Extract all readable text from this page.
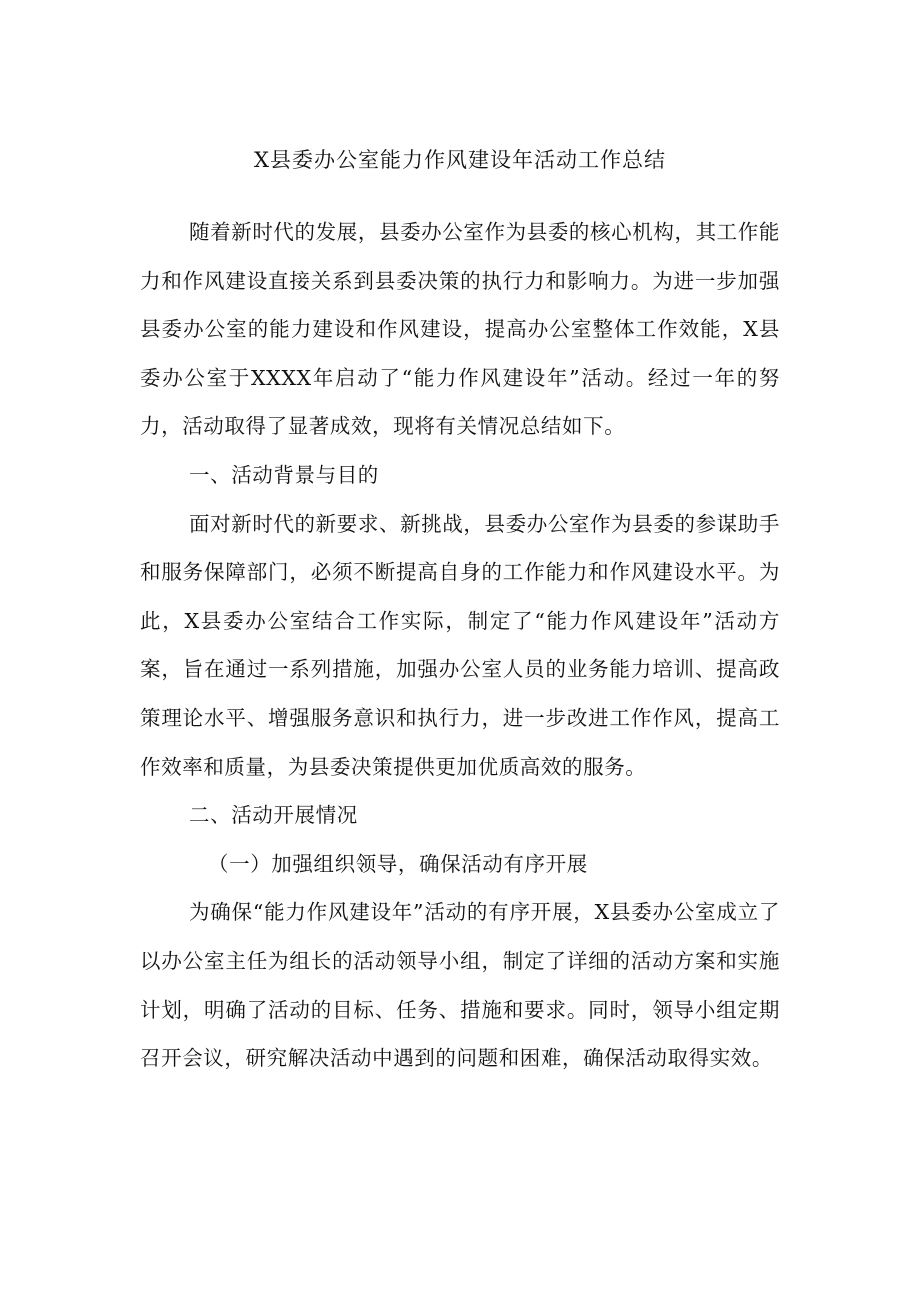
X县委办公室能力作风建设年活动工作总结

随着新时代的发展，县委办公室作为县委的核心机构，其工作能力和作风建设直接关系到县委决策的执行力和影响力。为进一步加强县委办公室的能力建设和作风建设，提高办公室整体工作效能，X县委办公室于XXXX年启动了“能力作风建设年”活动。经过一年的努力，活动取得了显著成效，现将有关情况总结如下。

一、活动背景与目的

面对新时代的新要求、新挑战，县委办公室作为县委的参谋助手和服务保障部门，必须不断提高自身的工作能力和作风建设水平。为此，X县委办公室结合工作实际，制定了“能力作风建设年”活动方案，旨在通过一系列措施，加强办公室人员的业务能力培训、提高政策理论水平、增强服务意识和执行力，进一步改进工作作风，提高工作效率和质量，为县委决策提供更加优质高效的服务。

二、活动开展情况

（一）加强组织领导，确保活动有序开展

为确保“能力作风建设年”活动的有序开展，X县委办公室成立了以办公室主任为组长的活动领导小组，制定了详细的活动方案和实施计划，明确了活动的目标、任务、措施和要求。同时，领导小组定期召开会议，研究解决活动中遇到的问题和困难，确保活动取得实效。
